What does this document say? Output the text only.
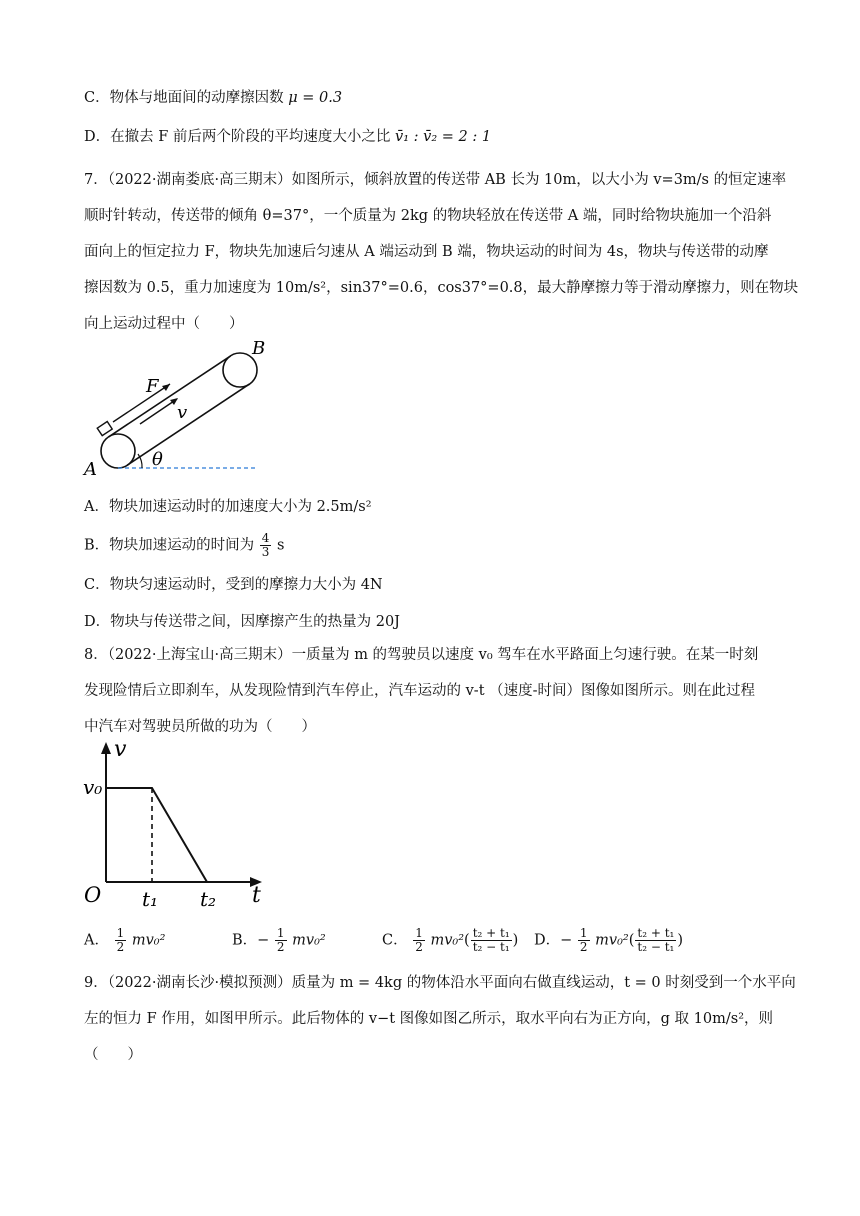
C．物体与地面间的动摩擦因数 μ = 0.3
D．在撤去 F 前后两个阶段的平均速度大小之比 v̄₁ : v̄₂ = 2 : 1
7．（2022·湖南娄底·高三期末）如图所示，倾斜放置的传送带 AB 长为 10m，以大小为 v=3m/s 的恒定速率
顺时针转动，传送带的倾角 θ=37°，一个质量为 2kg 的物块轻放在传送带 A 端，同时给物块施加一个沿斜
面向上的恒定拉力 F，物块先加速后匀速从 A 端运动到 B 端，物块运动的时间为 4s，物块与传送带的动摩
擦因数为 0.5，重力加速度为 10m/s²，sin37°=0.6，cos37°=0.8，最大静摩擦力等于滑动摩擦力，则在物块
向上运动过程中（　　）
A
B
F
v
θ
A．物块加速运动时的加速度大小为 2.5m/s²
B．物块加速运动的时间为 $\frac{4}{3}$ s
C．物块匀速运动时，受到的摩擦力大小为 4N
D．物块与传送带之间，因摩擦产生的热量为 20J
8．（2022·上海宝山·高三期末）一质量为 m 的驾驶员以速度 v₀ 驾车在水平路面上匀速行驶。在某一时刻
发现险情后立即刹车，从发现险情到汽车停止，汽车运动的 v-t （速度-时间）图像如图所示。则在此过程
中汽车对驾驶员所做的功为（　　）
v
t
O
v₀
t₁ t₂
A． $\frac{1}{2} mv_0^2$	B．− $\frac{1}{2} mv_0^2$	C． $\frac{1}{2} mv_0^2( \frac{\text{t₂ + t₁}}{\text{t₂ − t₁}}$ ) D．− $\frac{1}{2} mv_0^2( \frac{\text{t₂ + t₁}}{\text{t₂ − t₁}}$ )
9．（2022·湖南长沙·模拟预测）质量为 m = 4kg 的物体沿水平面向右做直线运动，t = 0 时刻受到一个水平向
左的恒力 F 作用，如图甲所示。此后物体的 v−t 图像如图乙所示，取水平向右为正方向，g 取 10m/s²，则
（　　）
